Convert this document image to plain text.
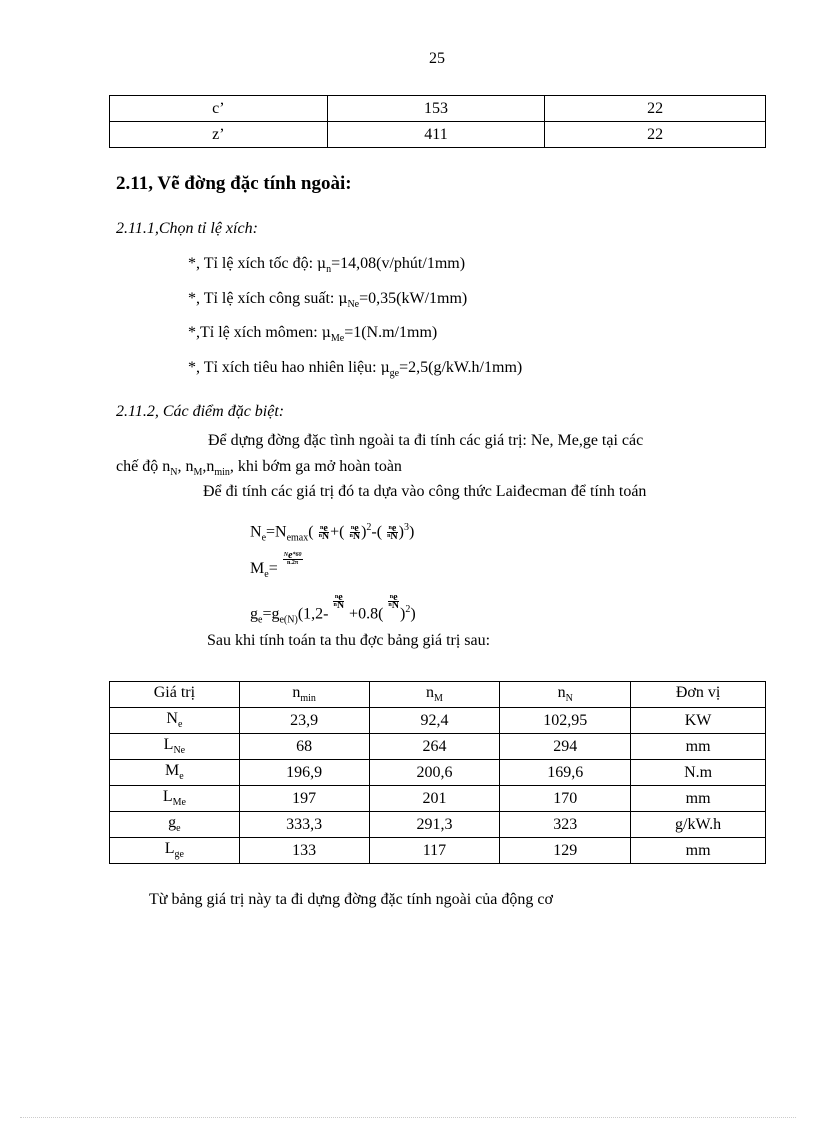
25
c’	153	22
z’	411	22
2.11, Vẽ đờng đặc tính ngoài:
2.11.1,Chọn tỉ lệ xích:
*, Tỉ lệ xích tốc độ: $\mu_n=14,08(v/phút/1mm)$
*, Tỉ lệ xích công suất: $\mu_{Ne}=0,35(kW/1mm)$
*,Tỉ lệ xích mômen: $\mu_{Me}=1(N.m/1mm)$
*, Tỉ xích tiêu hao nhiên liệu: $\mu_{ge}=2,5(g/kW.h/1mm)$
2.11.2, Các điểm đặc biệt:
Để dựng đờng đặc tình ngoài ta đi tính các giá trị: Ne, Me,ge tại các
chế độ $n_N$, $n_M,n_{min}$, khi bớm ga mở hoàn toàn
Để đi tính các giá trị đó ta dựa vào công thức Laiđecman để tính toán
$N_e=N_{emax}( \frac{n_e}{n_N}$ +( $\frac{n_e}{n_N} )^2-( \frac{n_e}{n_N} )^3$)
$M_e=$
$\frac{N_e*60}{n.2\pi}$
$g_e=g_{e(N)}(1,2-$
$\frac{n_e}{n_N}$
+0.8(
$\frac{n_e}{n_N}$
)$^2$)
Sau khi tính toán ta thu đợc bảng giá trị sau:
Giá trị	$n_{min}$	$n_M$	$n_N$	Đơn vị
$N_e$	23,9	92,4	102,95	KW
$L_{Ne}$	68	264	294	mm
$M_e$	196,9	200,6	169,6	N.m
$L_{Me}$	197	201	170	mm
$g_e$	333,3	291,3	323	g/kW.h
$L_{ge}$	133	117	129	mm
Từ bảng giá trị này ta đi dựng đờng đặc tính ngoài của động cơ
